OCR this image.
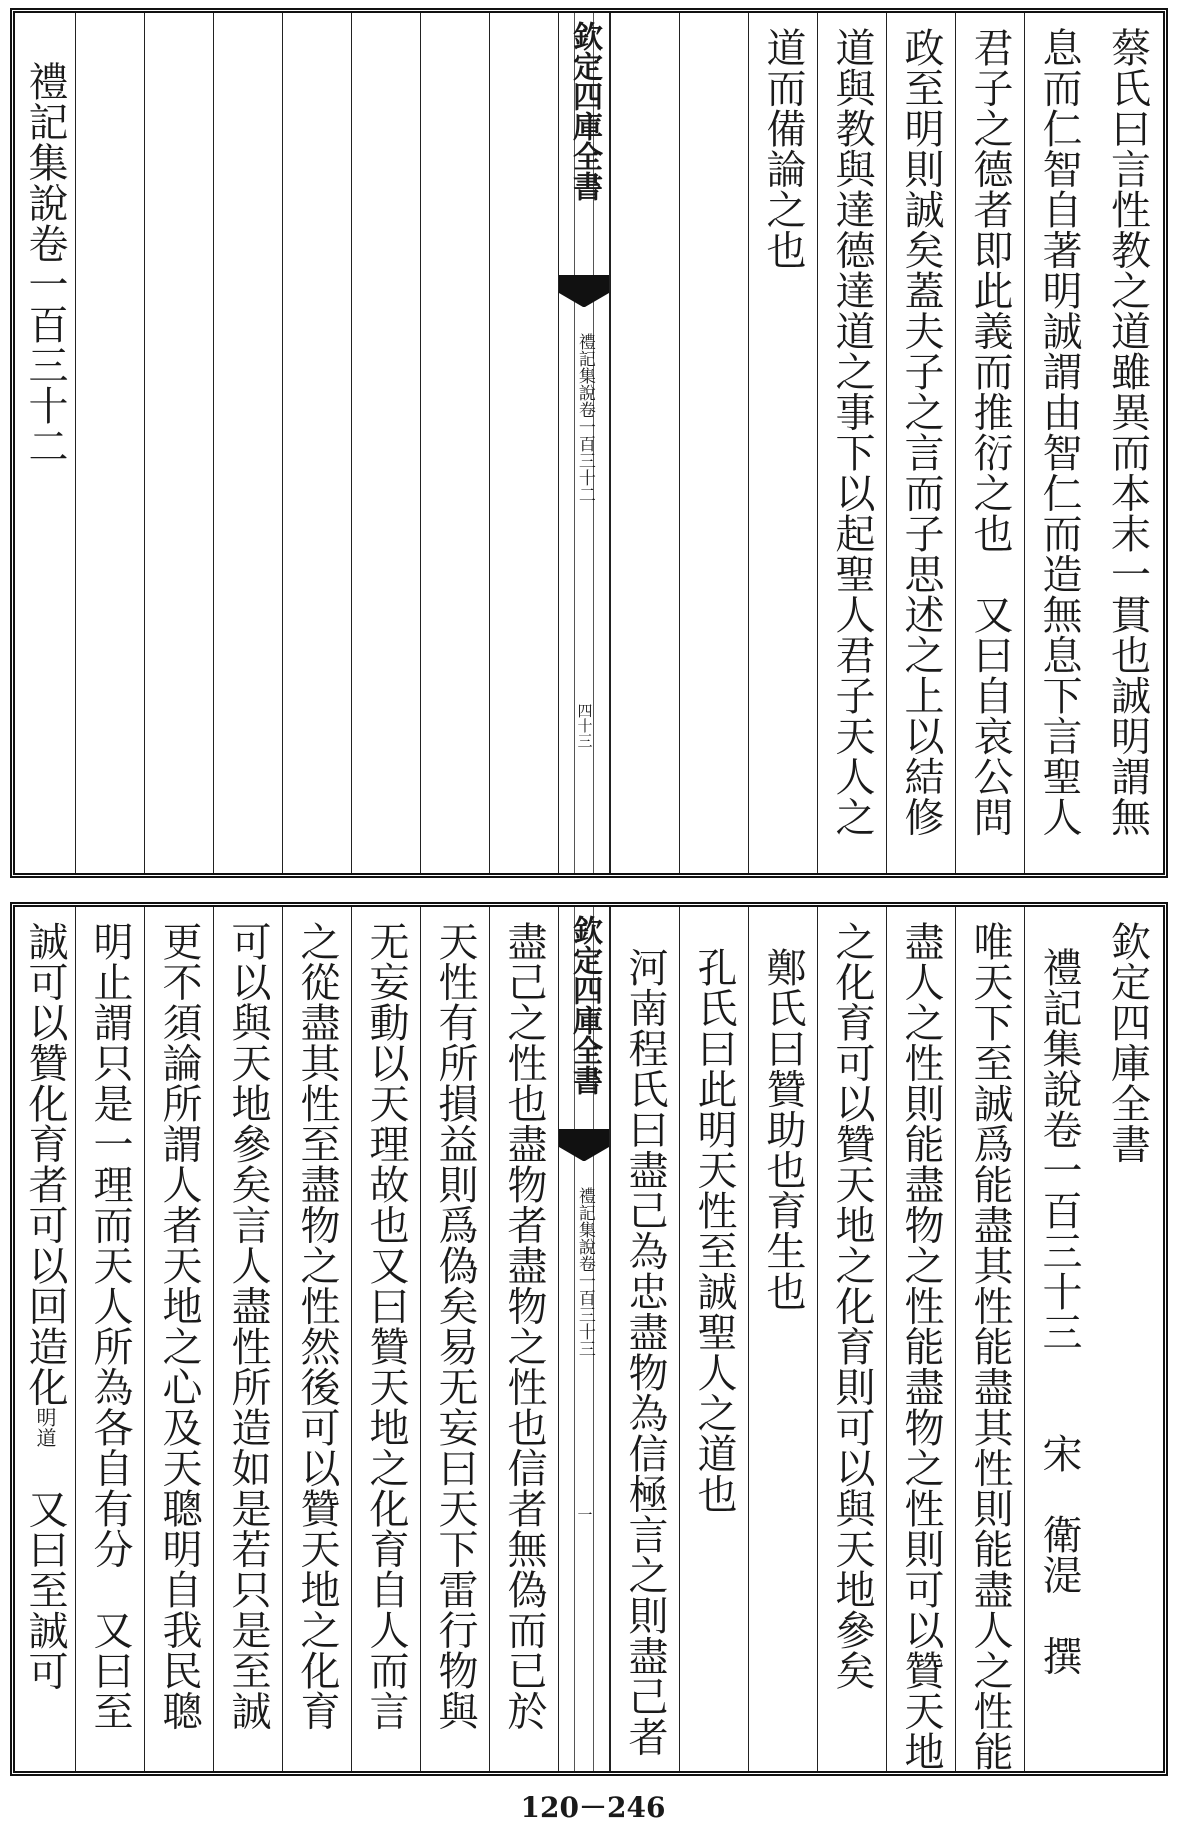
蔡氏曰言性教之道雖異而本末一貫也誠明謂無
息而仁智自著明誠謂由智仁而造無息下言聖人
君子之德者即此義而推衍之也　又曰自哀公問
政至明則誠矣蓋夫子之言而子思述之上以結修
道與教與達德達道之事下以起聖人君子天人之
道而備論之也
欽定四庫全書
禮記集說
卷一百三十二
四十三
禮記集說卷一百三十二
欽定四庫全書
禮記集說卷一百三十三　　宋　衛湜　撰
唯天下至誠爲能盡其性能盡其性則能盡人之性能
盡人之性則能盡物之性能盡物之性則可以贊天地
之化育可以贊天地之化育則可以與天地參矣
鄭氏曰贊助也育生也
孔氏曰此明天性至誠聖人之道也
河南程氏曰盡己為忠盡物為信極言之則盡己者
欽定四庫全書
禮記集說
卷一百三十三
一
盡己之性也盡物者盡物之性也信者無偽而已於
天性有所損益則爲偽矣易无妄曰天下雷行物與
无妄動以天理故也又曰贊天地之化育自人而言
之從盡其性至盡物之性然後可以贊天地之化育
可以與天地參矣言人盡性所造如是若只是至誠
更不須論所謂人者天地之心及天聰明自我民聰
明止謂只是一理而天人所為各自有分　又曰至
誠可以贊化育者可以回造化明道　又曰至誠可
120－246
